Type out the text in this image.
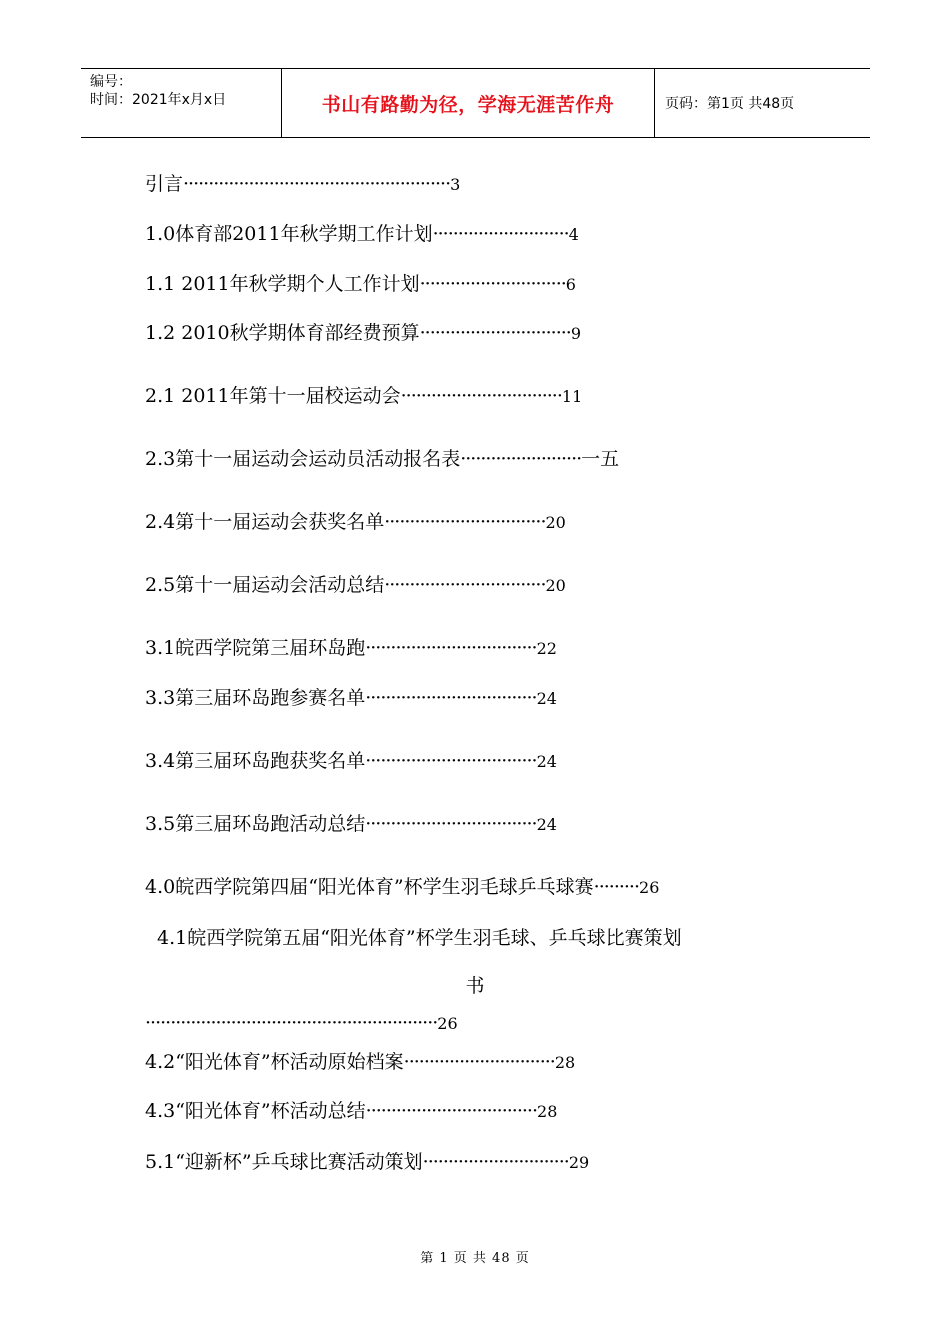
编号：
时间：2021年x月x日	书山有路勤为径，学海无涯苦作舟	页码：第1页 共48页
引言·····················································3
1.0体育部2011年秋学期工作计划···························4
1.1 2011年秋学期个人工作计划·····························6
1.2 2010秋学期体育部经费预算······························9
2.1 2011年第十一届校运动会································11
2.3第十一届运动会运动员活动报名表························一五
2.4第十一届运动会获奖名单································20
2.5第十一届运动会活动总结································20
3.1皖西学院第三届环岛跑··································22
3.3第三届环岛跑参赛名单··································24
3.4第三届环岛跑获奖名单··································24
3.5第三届环岛跑活动总结··································24
4.0皖西学院第四届“阳光体育”杯学生羽毛球乒乓球赛·········26
4.1皖西学院第五届“阳光体育”杯学生羽毛球、乒乓球比赛策划
书
··························································26
4.2“阳光体育”杯活动原始档案······························28
4.3“阳光体育”杯活动总结··································28
5.1“迎新杯”乒乓球比赛活动策划·····························29
第 1 页 共 48 页
